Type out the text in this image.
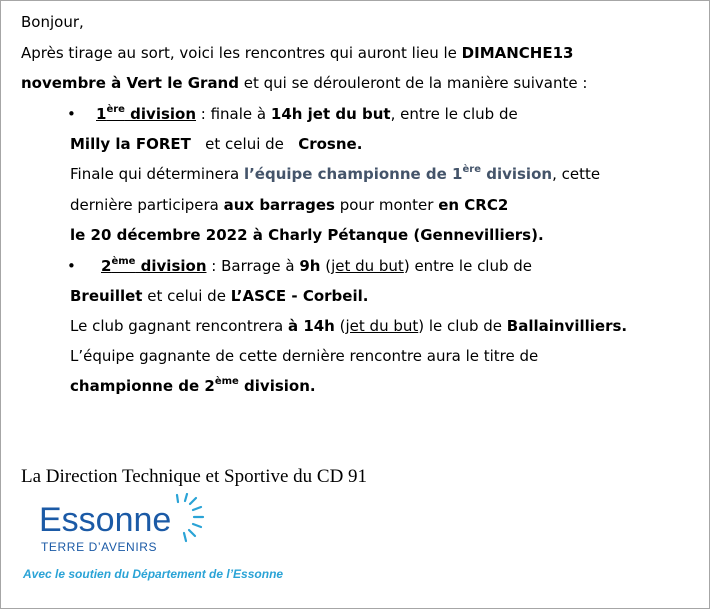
Bonjour,
Après tirage au sort, voici les rencontres qui auront lieu le DIMANCHE13
novembre à Vert le Grand et qui se dérouleront de la manière suivante :
• 1ère division : finale à 14h jet du but, entre le club de
Milly la FORET   et celui de   Crosne.
Finale qui déterminera l’équipe championne de 1ère division, cette
dernière participera aux barrages pour monter en CRC2
le 20 décembre 2022 à Charly Pétanque (Gennevilliers).
• 2ème division : Barrage à 9h (jet du but) entre le club de
Breuillet et celui de L’ASCE - Corbeil.
Le club gagnant rencontrera à 14h (jet du but) le club de Ballainvilliers.
L’équipe gagnante de cette dernière rencontre aura le titre de
championne de 2ème division.
La Direction Technique et Sportive du CD 91
Essonne
TERRE D’AVENIRS
Avec le soutien du Département de l’Essonne
